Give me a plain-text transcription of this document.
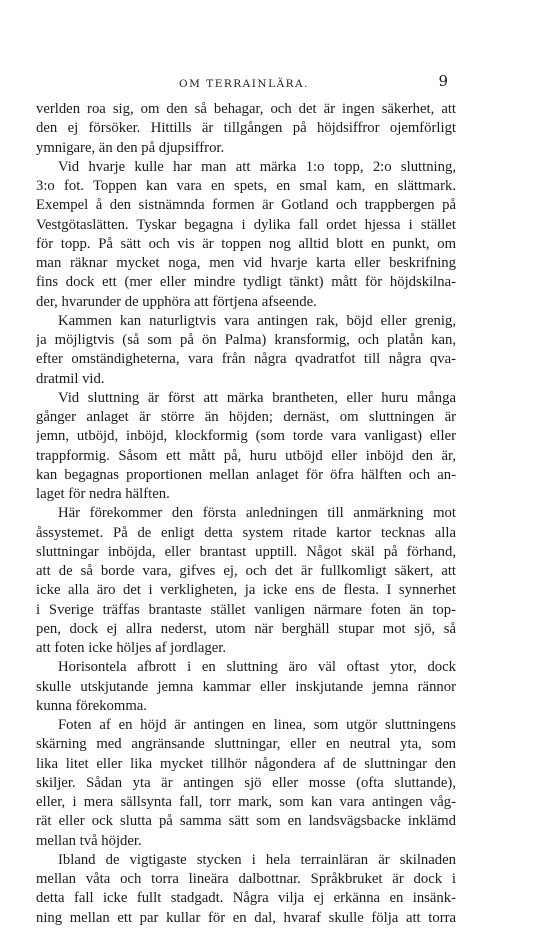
OM TERRAINLÄRA.	9
verlden roa sig, om den så behagar, och det är ingen säkerhet, att
den ej försöker. Hittills är tillgången på höjdsiffror ojemförligt
ymnigare, än den på djupsiffror.
Vid hvarje kulle har man att märka 1:o topp, 2:o sluttning,
3:o fot. Toppen kan vara en spets, en smal kam, en slättmark.
Exempel å den sistnämnda formen är Gotland och trappbergen på
Vestgötaslätten. Tyskar begagna i dylika fall ordet hjessa i stället
för topp. På sätt och vis är toppen nog alltid blott en punkt, om
man räknar mycket noga, men vid hvarje karta eller beskrifning
fins dock ett (mer eller mindre tydligt tänkt) mått för höjdskilna-
der, hvarunder de upphöra att förtjena afseende.
Kammen kan naturligtvis vara antingen rak, böjd eller grenig,
ja möjligtvis (så som på ön Palma) kransformig, och platån kan,
efter omständigheterna, vara från några qvadratfot till några qva-
dratmil vid.
Vid sluttning är först att märka brantheten, eller huru många
gånger anlaget är större än höjden; dernäst, om sluttningen är
jemn, utböjd, inböjd, klockformig (som torde vara vanligast) eller
trappformig. Såsom ett mått på, huru utböjd eller inböjd den är,
kan begagnas proportionen mellan anlaget för öfra hälften och an-
laget för nedra hälften.
Här förekommer den första anledningen till anmärkning mot
åssystemet. På de enligt detta system ritade kartor tecknas alla
sluttningar inböjda, eller brantast upptill. Något skäl på förhand,
att de så borde vara, gifves ej, och det är fullkomligt säkert, att
icke alla äro det i verkligheten, ja icke ens de flesta. I synnerhet
i Sverige träffas brantaste stället vanligen närmare foten än top-
pen, dock ej allra nederst, utom när berghäll stupar mot sjö, så
att foten icke höljes af jordlager.
Horisontela afbrott i en sluttning äro väl oftast ytor, dock
skulle utskjutande jemna kammar eller inskjutande jemna rännor
kunna förekomma.
Foten af en höjd är antingen en linea, som utgör sluttningens
skärning med angränsande sluttningar, eller en neutral yta, som
lika litet eller lika mycket tillhör någondera af de sluttningar den
skiljer. Sådan yta är antingen sjö eller mosse (ofta sluttande),
eller, i mera sällsynta fall, torr mark, som kan vara antingen våg-
rät eller ock slutta på samma sätt som en landsvägsbacke inklämd
mellan två höjder.
Ibland de vigtigaste stycken i hela terrainläran är skilnaden
mellan våta och torra lineära dalbottnar. Språkbruket är dock i
detta fall icke fullt stadgadt. Några vilja ej erkänna en insänk-
ning mellan ett par kullar för en dal, hvaraf skulle följa att torra
